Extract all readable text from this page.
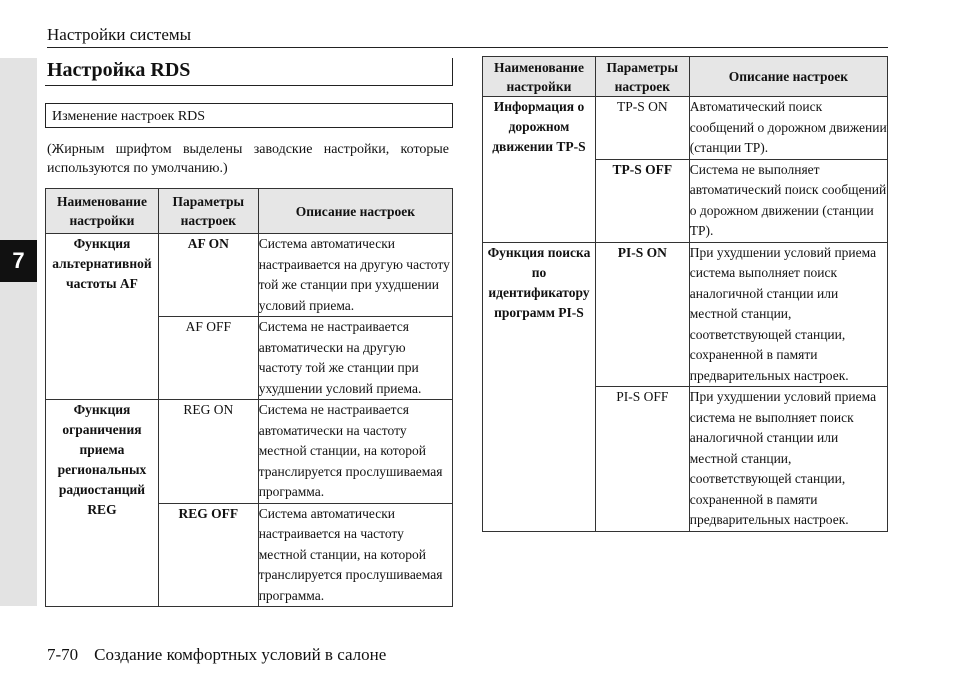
7
Настройки системы
Настройка RDS
Изменение настроек RDS
(Жирным шрифтом выделены заводские настройки, которые используются по умолчанию.)
Наименование настройки	Параметры настроек	Описание настроек
Функция альтернативной частоты AF	AF ON	Система автоматически настраивается на другую частоту той же станции при ухудшении условий приема.
	AF OFF	Система не настраивается автоматически на другую частоту той же станции при ухудшении условий приема.
Функция ограничения приема региональных радиостанций REG	REG ON	Система не настраивается автоматически на частоту местной станции, на которой транслируется прослушиваемая программа.
	REG OFF	Система автоматически настраивается на частоту местной станции, на которой транслируется прослушиваемая программа.
Наименование настройки	Параметры настроек	Описание настроек
Информация о дорожном движении TP-S	TP-S ON	Автоматический поиск сообщений о дорожном движении (станции TP).
	TP-S OFF	Система не выполняет автоматический поиск сообщений о дорожном движении (станции TP).
Функция поиска по идентификатору программ PI-S	PI-S ON	При ухудшении условий приема система выполняет поиск аналогичной станции или местной станции, соответствующей станции, сохраненной в памяти предварительных настроек.
	PI-S OFF	При ухудшении условий приема система не выполняет поиск аналогичной станции или местной станции, соответствующей станции, сохраненной в памяти предварительных настроек.
7-70 Создание комфортных условий в салоне
